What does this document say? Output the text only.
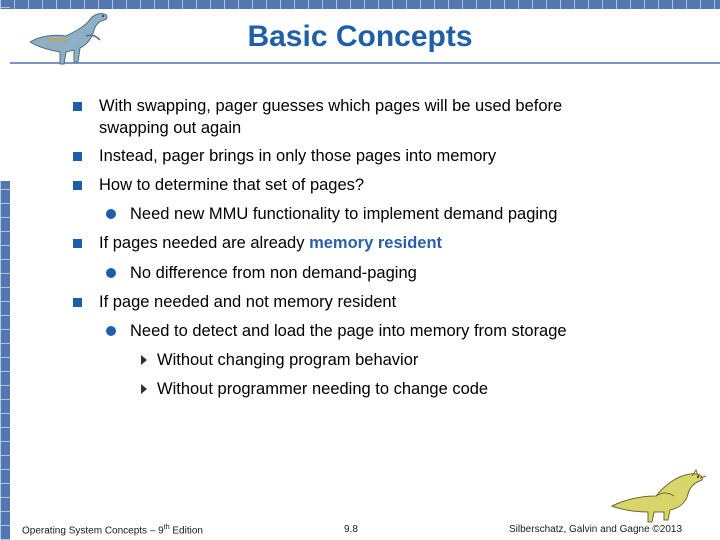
Basic Concepts
With swapping, pager guesses which pages will be used before
swapping out again
Instead, pager brings in only those pages into memory
How to determine that set of pages?
Need new MMU functionality to implement demand paging
If pages needed are already memory resident
No difference from non demand-paging
If page needed and not memory resident
Need to detect and load the page into memory from storage
Without changing program behavior
Without programmer needing to change code
Operating System Concepts – 9th Edition	9.8	Silberschatz, Galvin and Gagne ©2013
